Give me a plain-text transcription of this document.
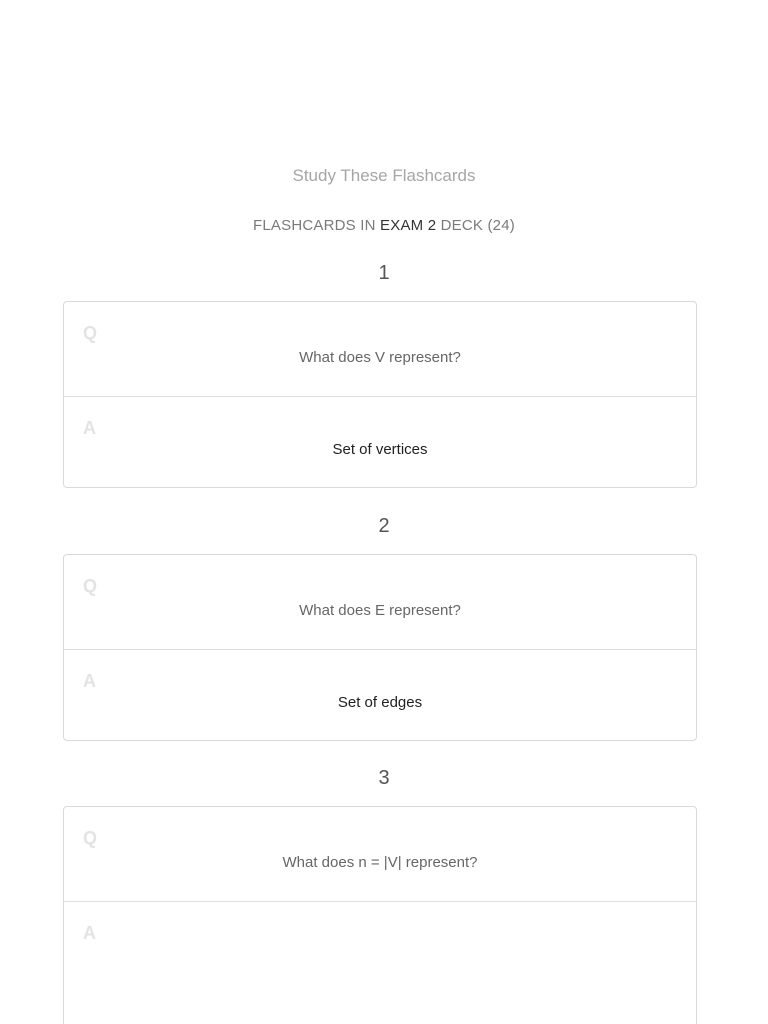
Study These Flashcards
FLASHCARDS IN EXAM 2 DECK (24)
1
Q
What does V represent?
A
Set of vertices
2
Q
What does E represent?
A
Set of edges
3
Q
What does n = |V| represent?
A
